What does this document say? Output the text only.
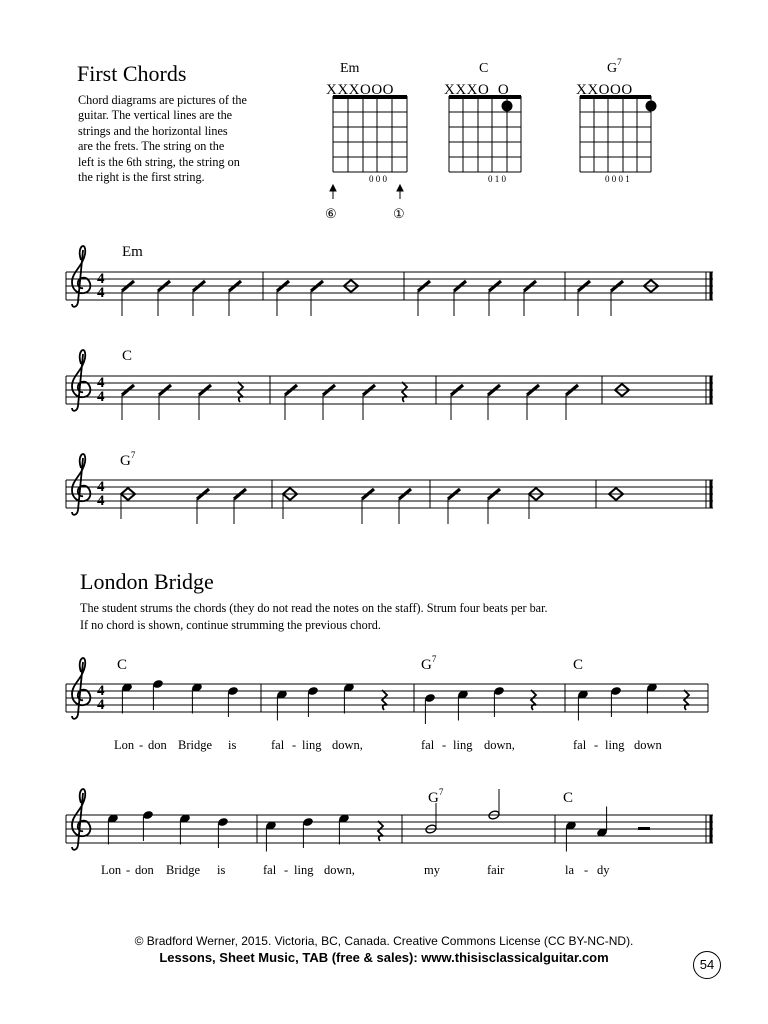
First Chords
Chord diagrams are pictures of the
guitar. The vertical lines are the
strings and the horizontal lines
are the frets. The string on the
left is the 6th string, the string on
the right is the first string.
Em	C	$G^7$
XXXOOO
0 0 0
⑥	①
XXXO  O
0 1 0
XXOOO
0 0 0 1
Em
C
$G^7$
4
4
London Bridge
The student strums the chords (they do not read the notes on the staff). Strum four beats per bar.
If no chord is shown, continue strumming the previous chord.
C	$G^7$	C
Lon - don Bridge is	fal - ling down,	fal - ling down,	fal - ling down
$G^7$	C
Lon - don Bridge is	fal - ling down,	my	fair	la - dy
© Bradford Werner, 2015. Victoria, BC, Canada. Creative Commons License (CC BY-NC-ND).
Lessons, Sheet Music, TAB (free & sales): www.thisisclassicalguitar.com	54
